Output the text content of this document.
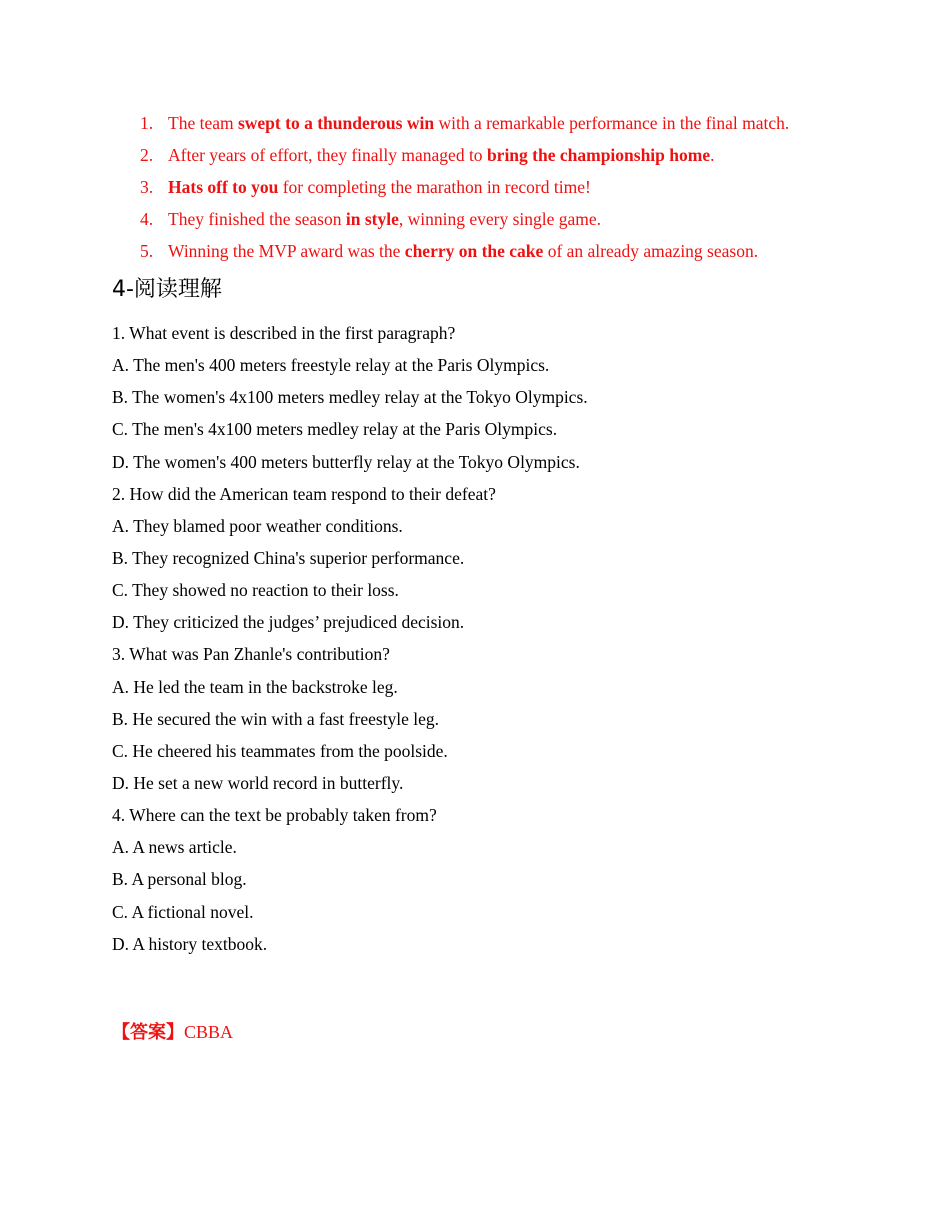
1. The team swept to a thunderous win with a remarkable performance in the final match.
2. After years of effort, they finally managed to bring the championship home.
3. Hats off to you for completing the marathon in record time!
4. They finished the season in style, winning every single game.
5. Winning the MVP award was the cherry on the cake of an already amazing season.
4-阅读理解
1. What event is described in the first paragraph?
A. The men's 400 meters freestyle relay at the Paris Olympics.
B. The women's 4x100 meters medley relay at the Tokyo Olympics.
C. The men's 4x100 meters medley relay at the Paris Olympics.
D. The women's 400 meters butterfly relay at the Tokyo Olympics.
2. How did the American team respond to their defeat?
A. They blamed poor weather conditions.
B. They recognized China's superior performance.
C. They showed no reaction to their loss.
D. They criticized the judges’ prejudiced decision.
3. What was Pan Zhanle's contribution?
A. He led the team in the backstroke leg.
B. He secured the win with a fast freestyle leg.
C. He cheered his teammates from the poolside.
D. He set a new world record in butterfly.
4. Where can the text be probably taken from?
A. A news article.
B. A personal blog.
C. A fictional novel.
D. A history textbook.
【答案】CBBA
